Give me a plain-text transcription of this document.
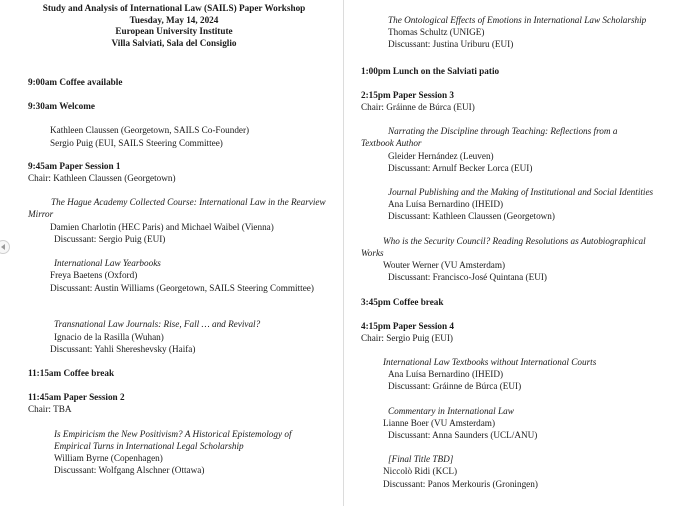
Study and Analysis of International Law (SAILS) Paper Workshop
Tuesday, May 14, 2024
European University Institute
Villa Salviati, Sala del Consiglio
9:00am Coffee available
9:30am Welcome
Kathleen Claussen (Georgetown, SAILS Co-Founder)
Sergio Puig (EUI, SAILS Steering Committee)
9:45am Paper Session 1
Chair: Kathleen Claussen (Georgetown)
The Hague Academy Collected Course: International Law in the Rearview Mirror
Damien Charlotin (HEC Paris) and Michael Waibel (Vienna)
Discussant: Sergio Puig (EUI)
International Law Yearbooks
Freya Baetens (Oxford)
Discussant: Austin Williams (Georgetown, SAILS Steering Committee)
Transnational Law Journals: Rise, Fall … and Revival?
Ignacio de la Rasilla (Wuhan)
Discussant: Yahli Shereshevsky (Haifa)
11:15am Coffee break
11:45am Paper Session 2
Chair: TBA
Is Empiricism the New Positivism? A Historical Epistemology of Empirical Turns in International Legal Scholarship
William Byrne (Copenhagen)
Discussant: Wolfgang Alschner (Ottawa)
The Ontological Effects of Emotions in International Law Scholarship
Thomas Schultz (UNIGE)
Discussant: Justina Uriburu (EUI)
1:00pm Lunch on the Salviati patio
2:15pm Paper Session 3
Chair: Gráinne de Búrca (EUI)
Narrating the Discipline through Teaching: Reflections from a Textbook Author
Gleider Hernández (Leuven)
Discussant: Arnulf Becker Lorca (EUI)
Journal Publishing and the Making of Institutional and Social Identities
Ana Luísa Bernardino (IHEID)
Discussant: Kathleen Claussen (Georgetown)
Who is the Security Council? Reading Resolutions as Autobiographical Works
Wouter Werner (VU Amsterdam)
Discussant: Francisco-José Quintana (EUI)
3:45pm Coffee break
4:15pm Paper Session 4
Chair: Sergio Puig (EUI)
International Law Textbooks without International Courts
Ana Luísa Bernardino (IHEID)
Discussant: Gráinne de Búrca (EUI)
Commentary in International Law
Lianne Boer (VU Amsterdam)
Discussant: Anna Saunders (UCL/ANU)
[Final Title TBD]
Niccolò Ridi (KCL)
Discussant: Panos Merkouris (Groningen)
